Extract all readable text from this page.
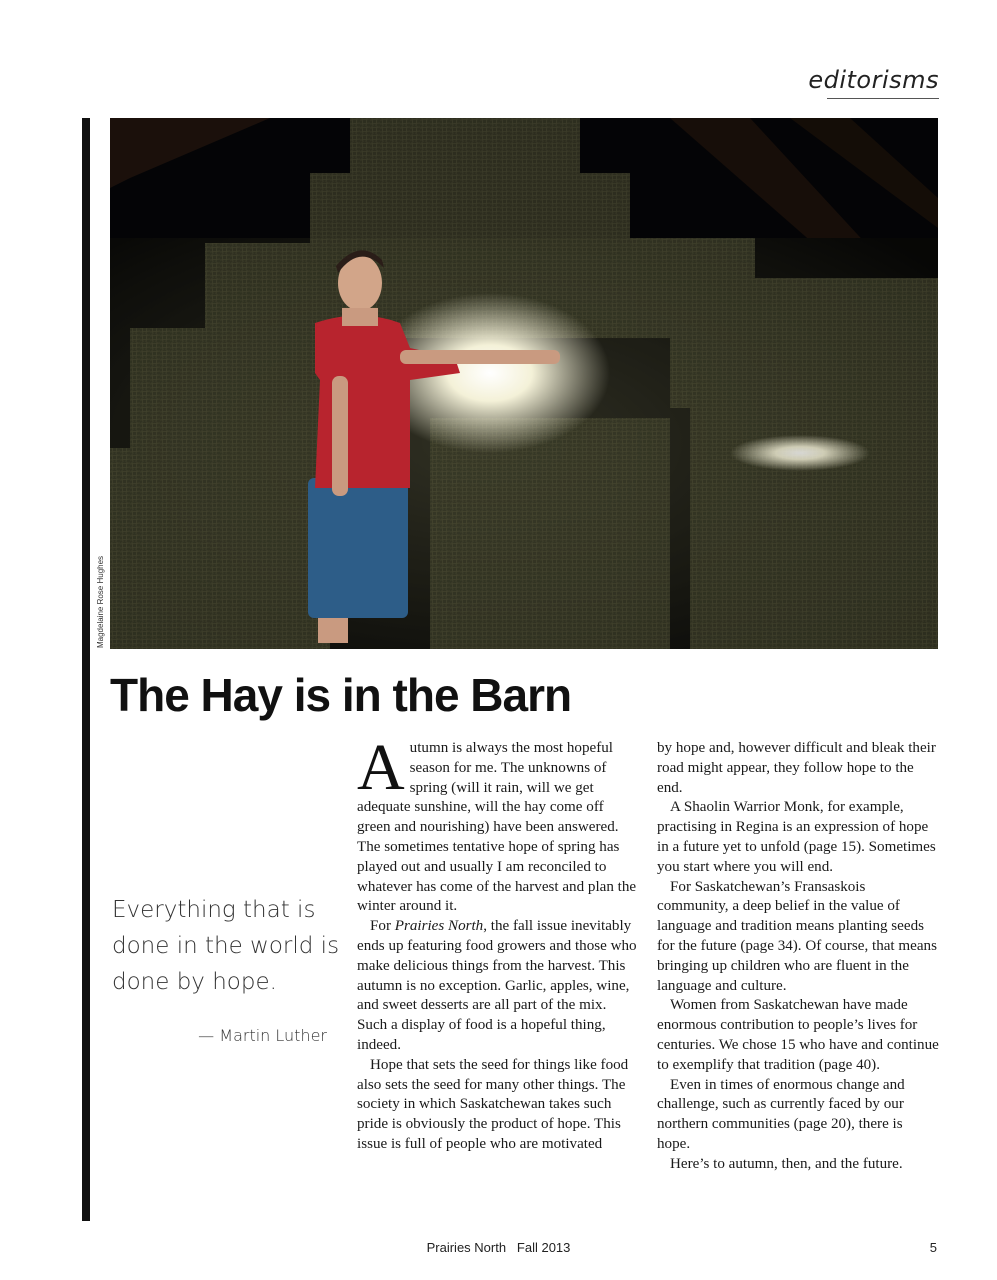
editorisms
Magdelaine Rose Hughes
The Hay is in the Barn
Everything that is done in the world is done by hope.
— Martin Luther

Autumn is always the most hopeful season for me. The unknowns of spring (will it rain, will we get adequate sunshine, will the hay come off green and nourishing) have been answered. The sometimes tentative hope of spring has played out and usually I am reconciled to whatever has come of the harvest and plan the winter around it.

For Prairies North, the fall issue inevitably ends up featuring food growers and those who make delicious things from the harvest. This autumn is no exception. Garlic, apples, wine, and sweet desserts are all part of the mix. Such a display of food is a hopeful thing, indeed.

Hope that sets the seed for things like food also sets the seed for many other things. The society in which Saskatchewan takes such pride is obviously the product of hope. This issue is full of people who are motivated

by hope and, however difficult and bleak their road might appear, they follow hope to the end.

A Shaolin Warrior Monk, for example, practising in Regina is an expression of hope in a future yet to unfold (page 15). Sometimes you start where you will end.

For Saskatchewan’s Fransaskois community, a deep belief in the value of language and tradition means planting seeds for the future (page 34). Of course, that means bringing up children who are fluent in the language and culture.

Women from Saskatchewan have made enormous contribution to people’s lives for centuries. We chose 15 who have and continue to exemplify that tradition (page 40).

Even in times of enormous change and challenge, such as currently faced by our northern communities (page 20), there is hope.

Here’s to autumn, then, and the future.

Prairies North   Fall 2013	5
